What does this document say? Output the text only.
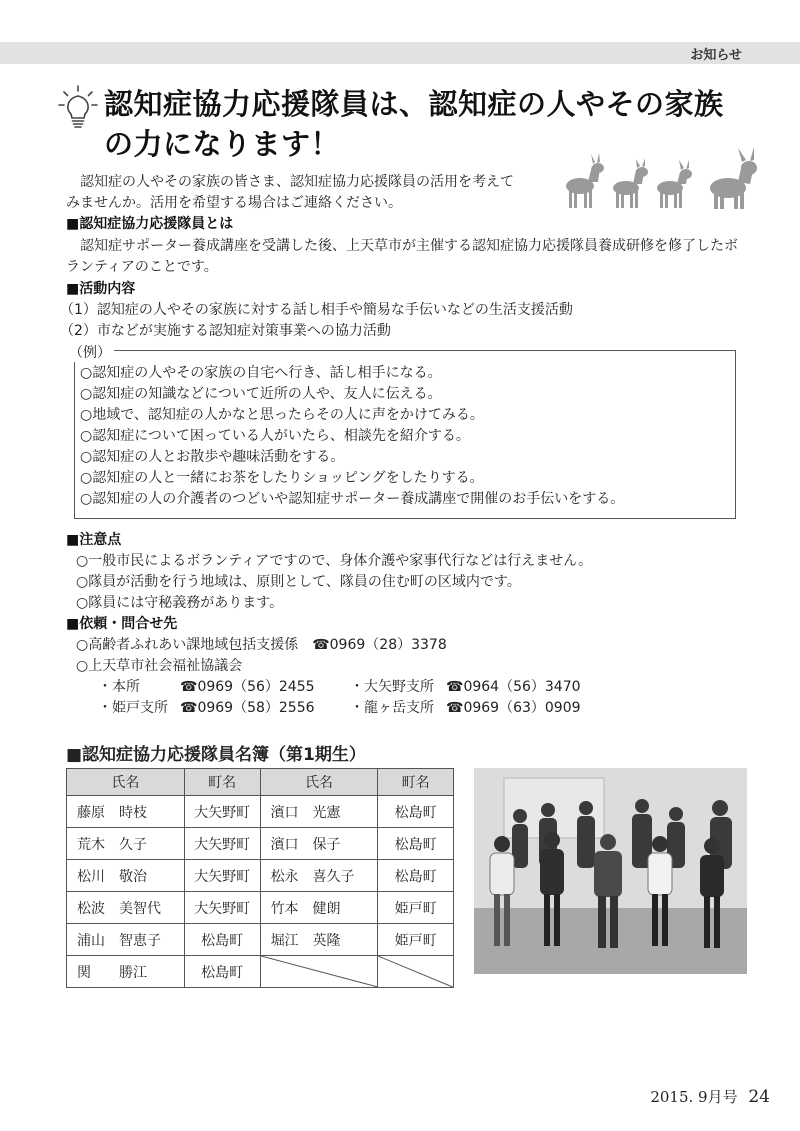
お知らせ
認知症協力応援隊員は、認知症の人やその家族
の力になります！
　認知症の人やその家族の皆さま、認知症協力応援隊員の活用を考えて
みませんか。活用を希望する場合はご連絡ください。
■認知症協力応援隊員とは
　認知症サポーター養成講座を受講した後、上天草市が主催する認知症協力応援隊員養成研修を修了したボ
ランティアのことです。
■活動内容
（1）認知症の人やその家族に対する話し相手や簡易な手伝いなどの生活支援活動
（2）市などが実施する認知症対策事業への協力活動
（例）
○認知症の人やその家族の自宅へ行き、話し相手になる。
○認知症の知識などについて近所の人や、友人に伝える。
○地域で、認知症の人かなと思ったらその人に声をかけてみる。
○認知症について困っている人がいたら、相談先を紹介する。
○認知症の人とお散歩や趣味活動をする。
○認知症の人と一緒にお茶をしたりショッピングをしたりする。
○認知症の人の介護者のつどいや認知症サポーター養成講座で開催のお手伝いをする。
■注意点
○一般市民によるボランティアですので、身体介護や家事代行などは行えません。
○隊員が活動を行う地域は、原則として、隊員の住む町の区域内です。
○隊員には守秘義務があります。
■依頼・問合せ先
○高齢者ふれあい課地域包括支援係　☎0969（28）3378
○上天草市社会福祉協議会
・本所	☎0969（56）2455	・大矢野支所 ☎0964（56）3470
・姫戸支所 ☎0969（58）2556	・龍ヶ岳支所 ☎0969（63）0909
■認知症協力応援隊員名簿（第1期生）
氏名	町名	氏名	町名
藤原　時枝	大矢野町	濱口　光憲	松島町
荒木　久子	大矢野町	濱口　保子	松島町
松川　敬治	大矢野町	松永　喜久子	松島町
松波　美智代	大矢野町	竹本　健朗	姫戸町
浦山　智恵子	松島町	堀江　英隆	姫戸町
関　　勝江	松島町	

2015. 9月号 24
